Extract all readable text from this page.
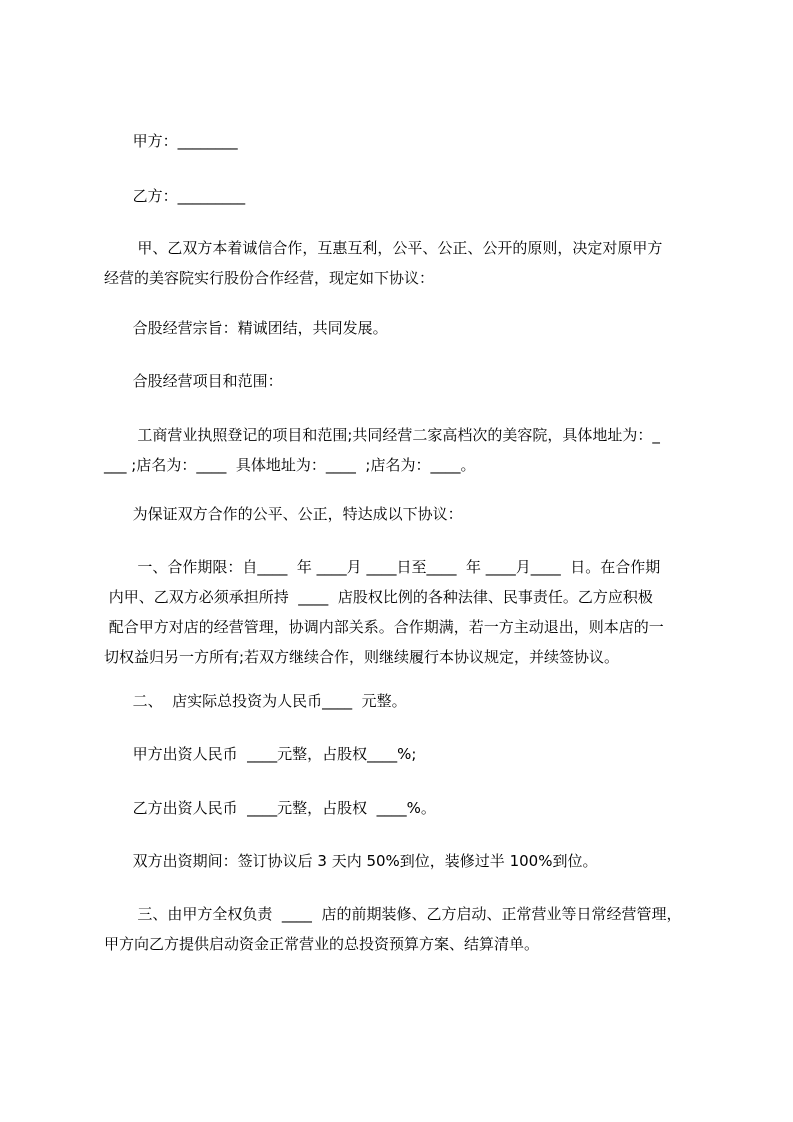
甲方：________
乙方：_________
甲、乙双方本着诚信合作，互惠互利，公平、公正、公开的原则，决定对原甲方
经营的美容院实行股份合作经营，现定如下协议：
合股经营宗旨：精诚团结，共同发展。
合股经营项目和范围：
工商营业执照登记的项目和范围;共同经营二家高档次的美容院，具体地址为：_
___ ;店名为：____  具体地址为：____  ;店名为：____。
为保证双方合作的公平、公正，特达成以下协议：
一、合作期限：自____  年 ____月 ____日至____  年 ____月____  日。在合作期
内甲、乙双方必须承担所持  ____  店股权比例的各种法律、民事责任。乙方应积极
配合甲方对店的经营管理，协调内部关系。合作期满，若一方主动退出，则本店的一
切权益归另一方所有;若双方继续合作，则继续履行本协议规定，并续签协议。
二、  店实际总投资为人民币____  元整。
甲方出资人民币  ____元整，占股权____%;
乙方出资人民币  ____元整，占股权  ____%。
双方出资期间：签订协议后 3 天内 50%到位，装修过半 100%到位。
三、由甲方全权负责  ____  店的前期装修、乙方启动、正常营业等日常经营管理，
甲方向乙方提供启动资金正常营业的总投资预算方案、结算清单。
